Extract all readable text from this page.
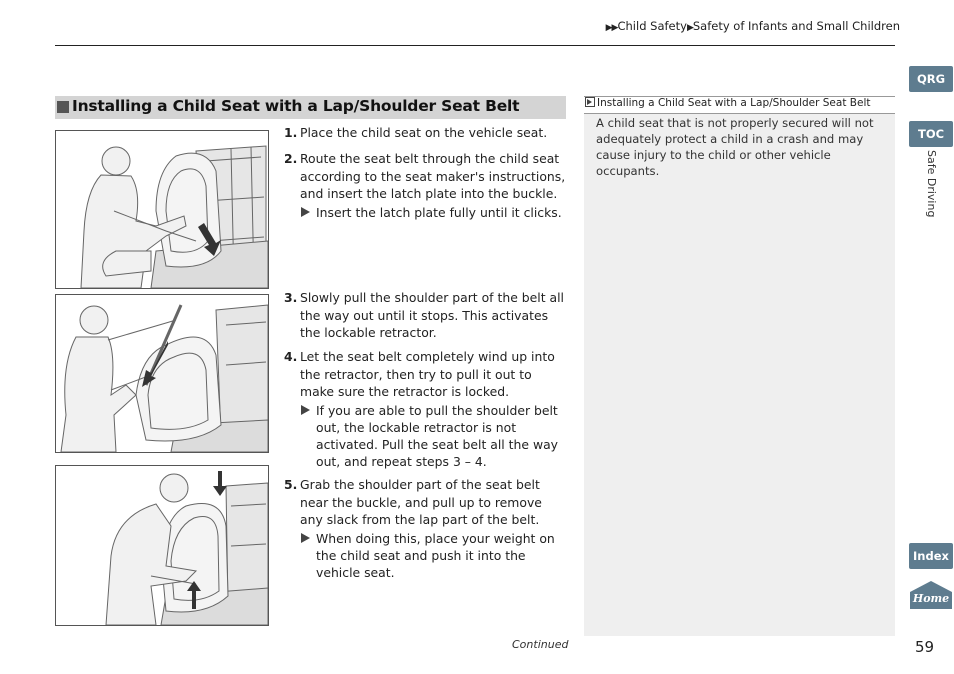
▶▶Child Safety▶Safety of Infants and Small Children
Installing a Child Seat with a Lap/Shoulder Seat Belt
1. Place the child seat on the vehicle seat.
2. Route the seat belt through the child seat according to the seat maker's instructions, and insert the latch plate into the buckle.
Insert the latch plate fully until it clicks.
3. Slowly pull the shoulder part of the belt all the way out until it stops. This activates the lockable retractor.
4. Let the seat belt completely wind up into the retractor, then try to pull it out to make sure the retractor is locked.
If you are able to pull the shoulder belt out, the lockable retractor is not activated. Pull the seat belt all the way out, and repeat steps 3 – 4.
5. Grab the shoulder part of the seat belt near the buckle, and pull up to remove any slack from the lap part of the belt.
When doing this, place your weight on the child seat and push it into the vehicle seat.
Installing a Child Seat with a Lap/Shoulder Seat Belt
A child seat that is not properly secured will not adequately protect a child in a crash and may cause injury to the child or other vehicle occupants.
QRG
TOC
Safe Driving
Index
Home
Continued	59
